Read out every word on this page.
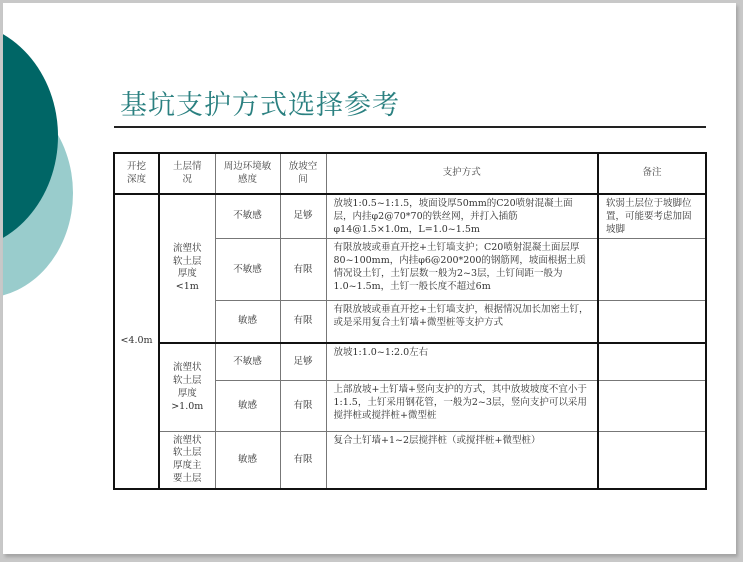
基坑支护方式选择参考
开挖深度	土层情况	周边环境敏感度	放坡空间	支护方式	备注
<4.0m	流塑状软土层厚度<1m	不敏感	足够	放坡1:0.5~1:1.5，坡面设厚50mm的C20喷射混凝土面层，内挂φ2@70*70的铁丝网，并打入插筋φ14@1.5×1.0m，L=1.0~1.5m	软弱土层位于坡脚位置，可能要考虑加固坡脚
		不敏感	有限	有限放坡或垂直开挖+土钉墙支护；C20喷射混凝土面层厚80~100mm，内挂φ6@200*200的钢筋网，坡面根据土质情况设土钉，土钉层数一般为2~3层，土钉间距一般为1.0~1.5m，土钉一般长度不超过6m	
		敏感	有限	有限放坡或垂直开挖+土钉墙支护，根据情况加长加密土钉，或是采用复合土钉墙+微型桩等支护方式	
	流塑状软土层厚度>1.0m	不敏感	足够	放坡1:1.0~1:2.0左右	
		敏感	有限	上部放坡+土钉墙+竖向支护的方式，其中放坡坡度不宜小于1:1.5，土钉采用钢花管，一般为2~3层，竖向支护可以采用搅拌桩或搅拌桩+微型桩	
	流塑状软土层厚度主要土层	敏感	有限	复合土钉墙+1~2层搅拌桩（或搅拌桩+微型桩）	
